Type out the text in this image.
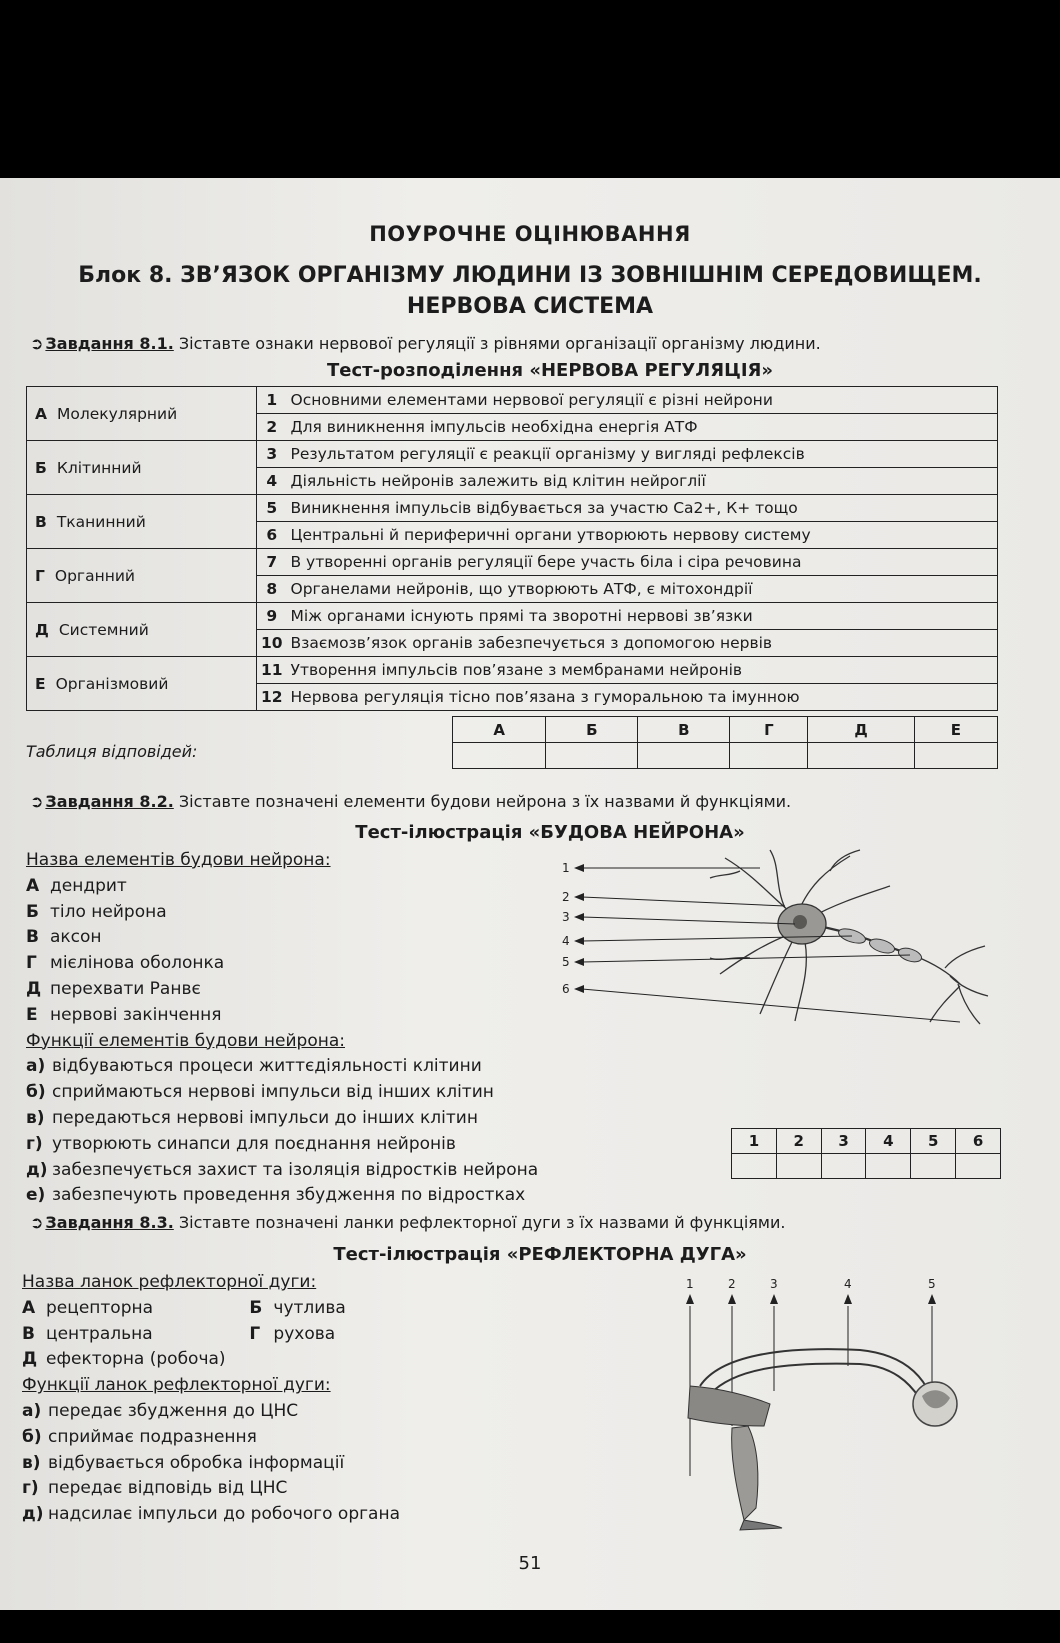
ПОУРОЧНЕ ОЦІНЮВАННЯ
Блок 8. ЗВ’ЯЗОК ОРГАНІЗМУ ЛЮДИНИ ІЗ ЗОВНІШНІМ СЕРЕДОВИЩЕМ.
НЕРВОВА СИСТЕМА
➲ Завдання 8.1. Зіставте ознаки нервової регуляції з рівнями організації організму людини.
Тест-розподілення «НЕРВОВА РЕГУЛЯЦІЯ»
А Молекулярний	1	Основними елементами нервової регуляції є різні нейрони
	2	Для виникнення імпульсів необхідна енергія АТФ
Б Клітинний	3	Результатом регуляції є реакції організму у вигляді рефлексів
	4	Діяльність нейронів залежить від клітин нейроглії
В Тканинний	5	Виникнення імпульсів відбувається за участю Са2+, К+ тощо
	6	Центральні й периферичні органи утворюють нервову систему
Г Органний	7	В утворенні органів регуляції бере участь біла і сіра речовина
	8	Органелами нейронів, що утворюють АТФ, є мітохондрії
Д Системний	9	Між органами існують прямі та зворотні нервові зв’язки
	10	Взаємозв’язок органів забезпечується з допомогою нервів
Е Організмовий	11	Утворення імпульсів пов’язане з мембранами нейронів
	12	Нервова регуляція тісно пов’язана з гуморальною та імунною
Таблиця відповідей:
А	Б	В	Г	Д	Е

➲ Завдання 8.2. Зіставте позначені елементи будови нейрона з їх назвами й функціями.
Тест-ілюстрація «БУДОВА НЕЙРОНА»
Назва елементів будови нейрона:
А дендрит
Б тіло нейрона
В аксон
Г мієлінова оболонка
Д перехвати Ранвє
Е нервові закінчення
Функції елементів будови нейрона:
а) відбуваються процеси життєдіяльності клітини
б) сприймаються нервові імпульси від інших клітин
в) передаються нервові імпульси до інших клітин
г) утворюють синапси для поєднання нейронів
д) забезпечується захист та ізоляція відростків нейрона
е) забезпечують проведення збудження по відростках
1
2
3
4
5
6
1	2	3	4	5	6

➲ Завдання 8.3. Зіставте позначені ланки рефлекторної дуги з їх назвами й функціями.
Тест-ілюстрація «РЕФЛЕКТОРНА ДУГА»
Назва ланок рефлекторної дуги:
А рецепторна	Б чутлива
В центральна	Г рухова
Д ефекторна (робоча)
Функції ланок рефлекторної дуги:
а) передає збудження до ЦНС
б) сприймає подразнення
в) відбувається обробка інформації
г) передає відповідь від ЦНС
д) надсилає імпульси до робочого органа
1	2	3	4	5
51
